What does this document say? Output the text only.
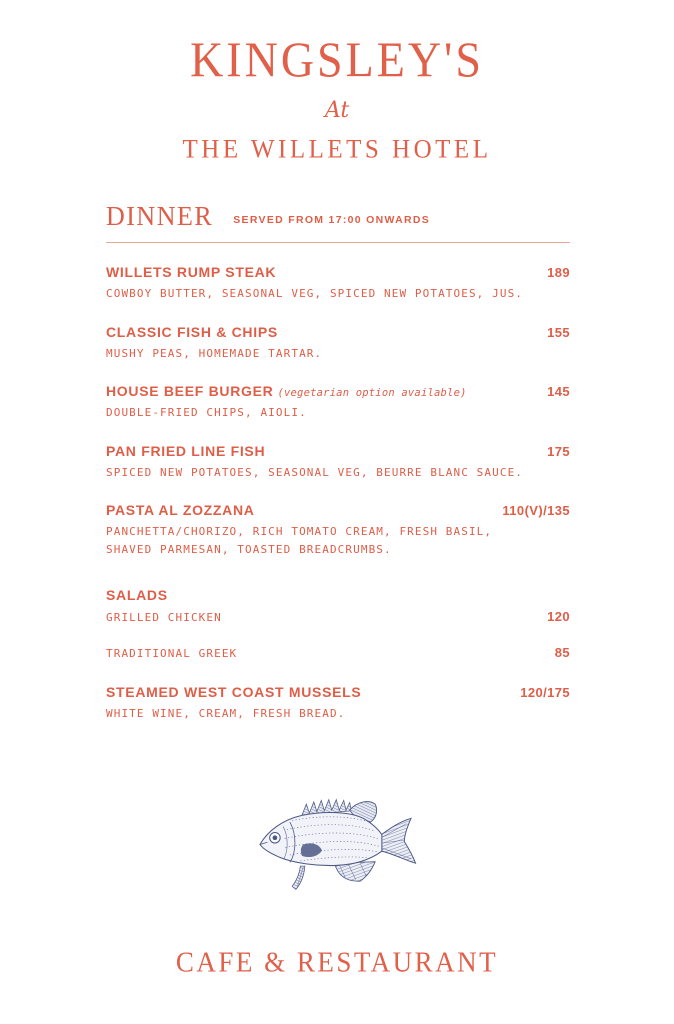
KINGSLEY'S
At
THE WILLETS HOTEL
DINNER SERVED FROM 17:00 ONWARDS
WILLETS RUMP STEAK	189
COWBOY BUTTER, SEASONAL VEG, SPICED NEW POTATOES, JUS.
CLASSIC FISH & CHIPS	155
MUSHY PEAS, HOMEMADE TARTAR.
HOUSE BEEF BURGER (vegetarian option available)	145
DOUBLE-FRIED CHIPS, AIOLI.
PAN FRIED LINE FISH	175
SPICED NEW POTATOES, SEASONAL VEG, BEURRE BLANC SAUCE.
PASTA AL ZOZZANA	110(V)/135
PANCHETTA/CHORIZO, RICH TOMATO CREAM, FRESH BASIL,
SHAVED PARMESAN, TOASTED BREADCRUMBS.
SALADS
GRILLED CHICKEN	120
TRADITIONAL GREEK	85
STEAMED WEST COAST MUSSELS	120/175
WHITE WINE, CREAM, FRESH BREAD.
CAFE & RESTAURANT
